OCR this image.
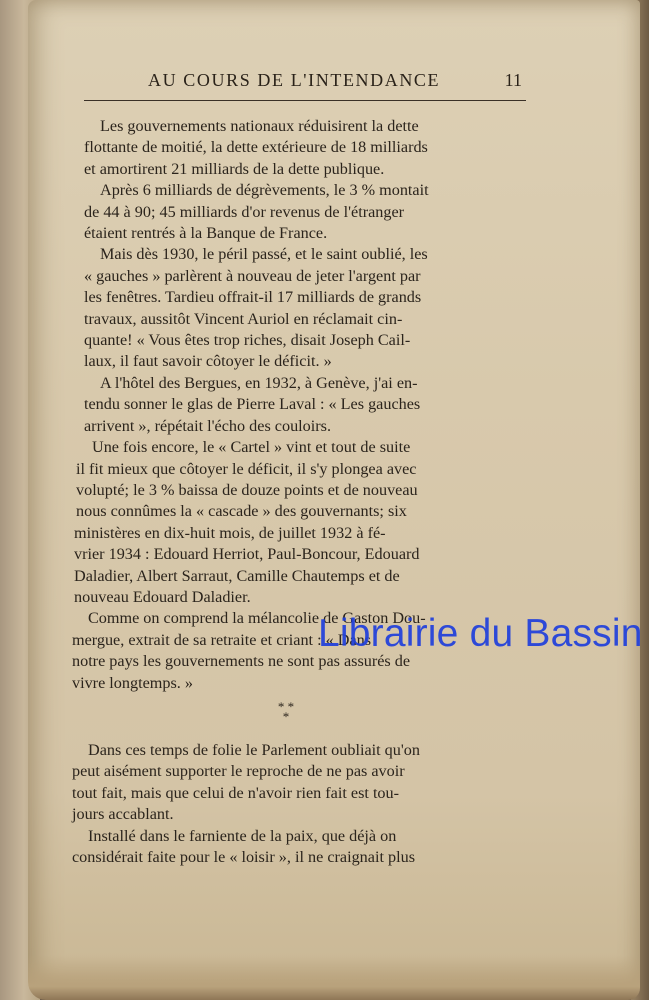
AU COURS DE L'INTENDANCE	11
Les gouvernements nationaux réduisirent la dette
flottante de moitié, la dette extérieure de 18 milliards
et amortirent 21 milliards de la dette publique.
Après 6 milliards de dégrèvements, le 3 % montait
de 44 à 90; 45 milliards d'or revenus de l'étranger
étaient rentrés à la Banque de France.
Mais dès 1930, le péril passé, et le saint oublié, les
« gauches » parlèrent à nouveau de jeter l'argent par
les fenêtres. Tardieu offrait-il 17 milliards de grands
travaux, aussitôt Vincent Auriol en réclamait cin-
quante! « Vous êtes trop riches, disait Joseph Cail-
laux, il faut savoir côtoyer le déficit. »
A l'hôtel des Bergues, en 1932, à Genève, j'ai en-
tendu sonner le glas de Pierre Laval : « Les gauches
arrivent », répétait l'écho des couloirs.
Une fois encore, le « Cartel » vint et tout de suite
il fit mieux que côtoyer le déficit, il s'y plongea avec
volupté; le 3 % baissa de douze points et de nouveau
nous connûmes la « cascade » des gouvernants; six
ministères en dix-huit mois, de juillet 1932 à fé-
vrier 1934 : Edouard Herriot, Paul-Boncour, Edouard
Daladier, Albert Sarraut, Camille Chautemps et de
nouveau Edouard Daladier.
Comme on comprend la mélancolie de Gaston Dou-
mergue, extrait de sa retraite et criant : « Dans
notre pays les gouvernements ne sont pas assurés de
vivre longtemps. »
* * *
Dans ces temps de folie le Parlement oubliait qu'on
peut aisément supporter le reproche de ne pas avoir
tout fait, mais que celui de n'avoir rien fait est tou-
jours accablant.
Installé dans le farniente de la paix, que déjà on
considérait faite pour le « loisir », il ne craignait plus
Librairie du Bassin
